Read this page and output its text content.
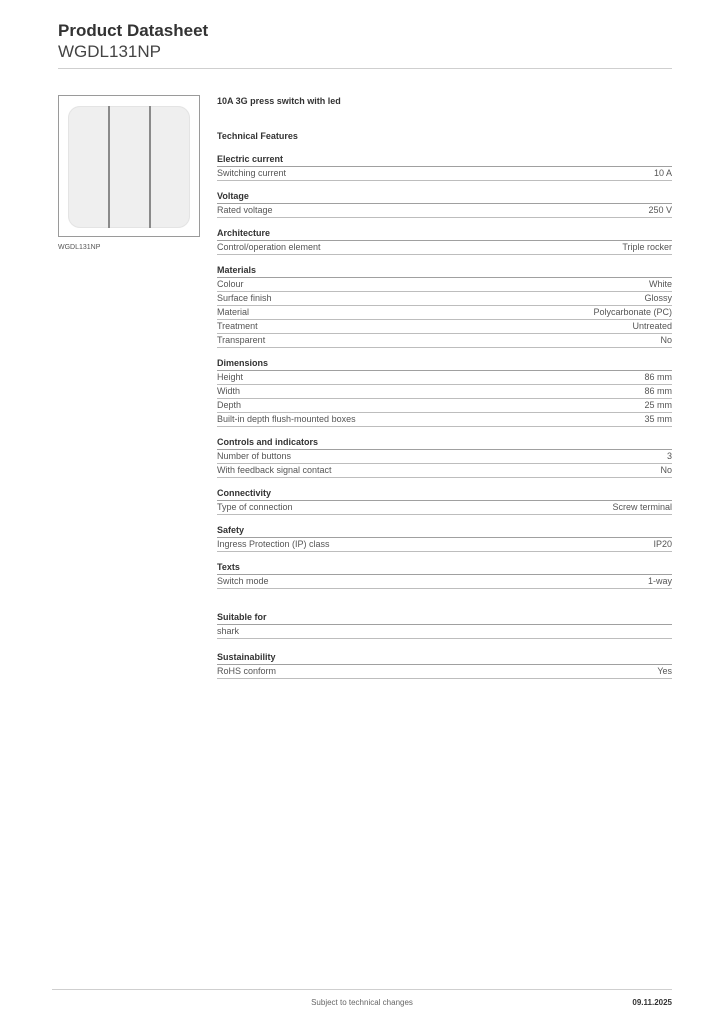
Product Datasheet
WGDL131NP
WGDL131NP
10A 3G press switch with led
Technical Features
Electric current
Switching current	10 A
Voltage
Rated voltage	250 V
Architecture
Control/operation element	Triple rocker
Materials
Colour	White
Surface finish	Glossy
Material	Polycarbonate (PC)
Treatment	Untreated
Transparent	No
Dimensions
Height	86 mm
Width	86 mm
Depth	25 mm
Built-in depth flush-mounted boxes	35 mm
Controls and indicators
Number of buttons	3
With feedback signal contact	No
Connectivity
Type of connection	Screw terminal
Safety
Ingress Protection (IP) class	IP20
Texts
Switch mode	1-way
Suitable for
shark
Sustainability
RoHS conform	Yes
Subject to technical changes	09.11.2025
